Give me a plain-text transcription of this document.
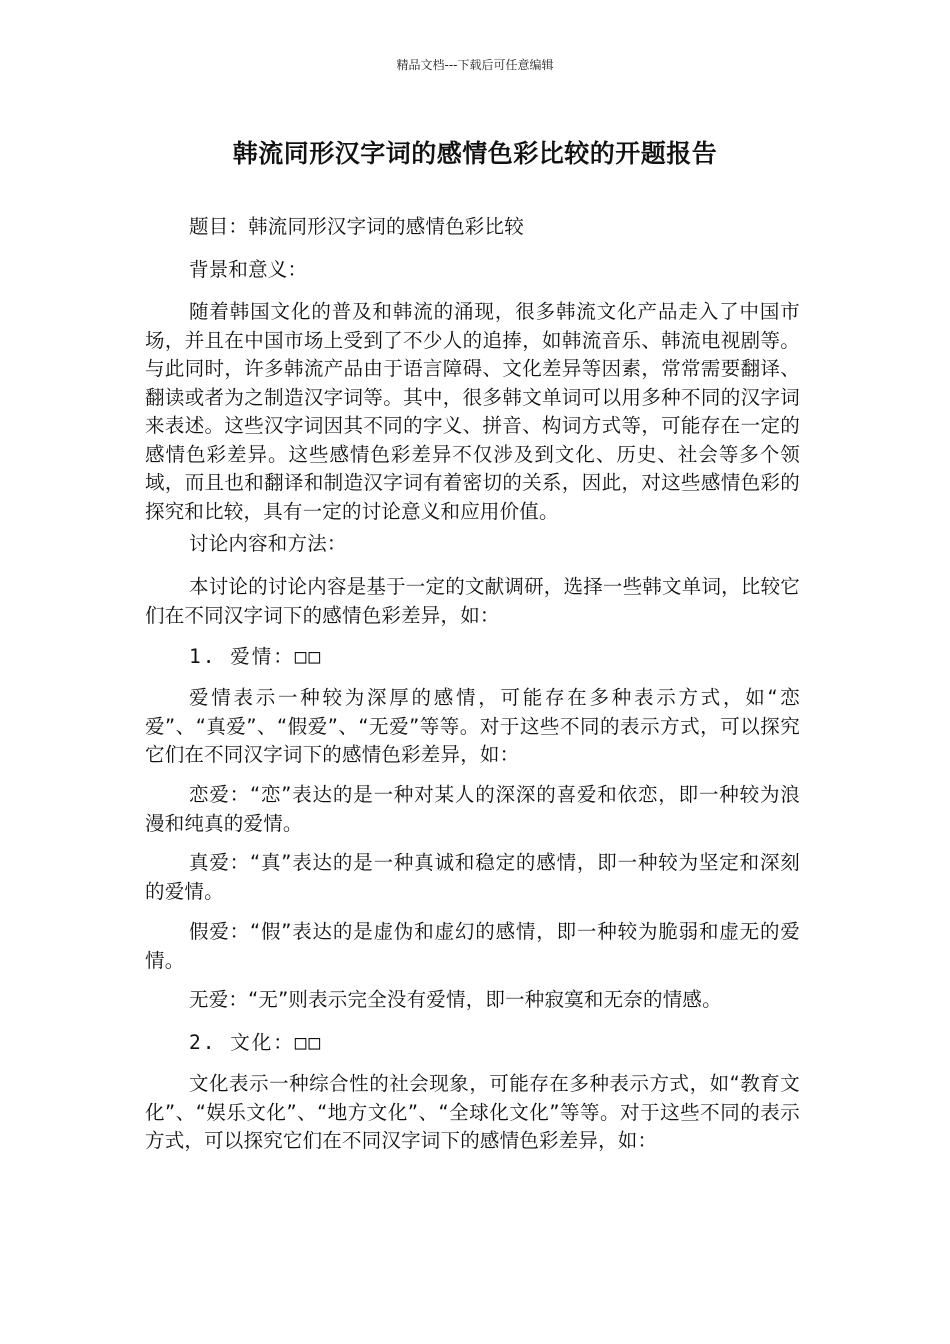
精品文档---下载后可任意编辑
韩流同形汉字词的感情色彩比较的开题报告

题目：韩流同形汉字词的感情色彩比较

背景和意义：

随着韩国文化的普及和韩流的涌现，很多韩流文化产品走入了中国市场，并且在中国市场上受到了不少人的追捧，如韩流音乐、韩流电视剧等。与此同时，许多韩流产品由于语言障碍、文化差异等因素，常常需要翻译、翻读或者为之制造汉字词等。其中，很多韩文单词可以用多种不同的汉字词来表述。这些汉字词因其不同的字义、拼音、构词方式等，可能存在一定的感情色彩差异。这些感情色彩差异不仅涉及到文化、历史、社会等多个领域，而且也和翻译和制造汉字词有着密切的关系，因此，对这些感情色彩的探究和比较，具有一定的讨论意义和应用价值。

讨论内容和方法：

本讨论的讨论内容是基于一定的文献调研，选择一些韩文单词，比较它们在不同汉字词下的感情色彩差异，如：

1. 爱情：□□

爱情表示一种较为深厚的感情，可能存在多种表示方式，如“恋爱”、“真爱”、“假爱”、“无爱”等等。对于这些不同的表示方式，可以探究它们在不同汉字词下的感情色彩差异，如：

恋爱：“恋”表达的是一种对某人的深深的喜爱和依恋，即一种较为浪漫和纯真的爱情。

真爱：“真”表达的是一种真诚和稳定的感情，即一种较为坚定和深刻的爱情。

假爱：“假”表达的是虚伪和虚幻的感情，即一种较为脆弱和虚无的爱情。

无爱：“无”则表示完全没有爱情，即一种寂寞和无奈的情感。

2. 文化：□□

文化表示一种综合性的社会现象，可能存在多种表示方式，如“教育文化”、“娱乐文化”、“地方文化”、“全球化文化”等等。对于这些不同的表示方式，可以探究它们在不同汉字词下的感情色彩差异，如：
